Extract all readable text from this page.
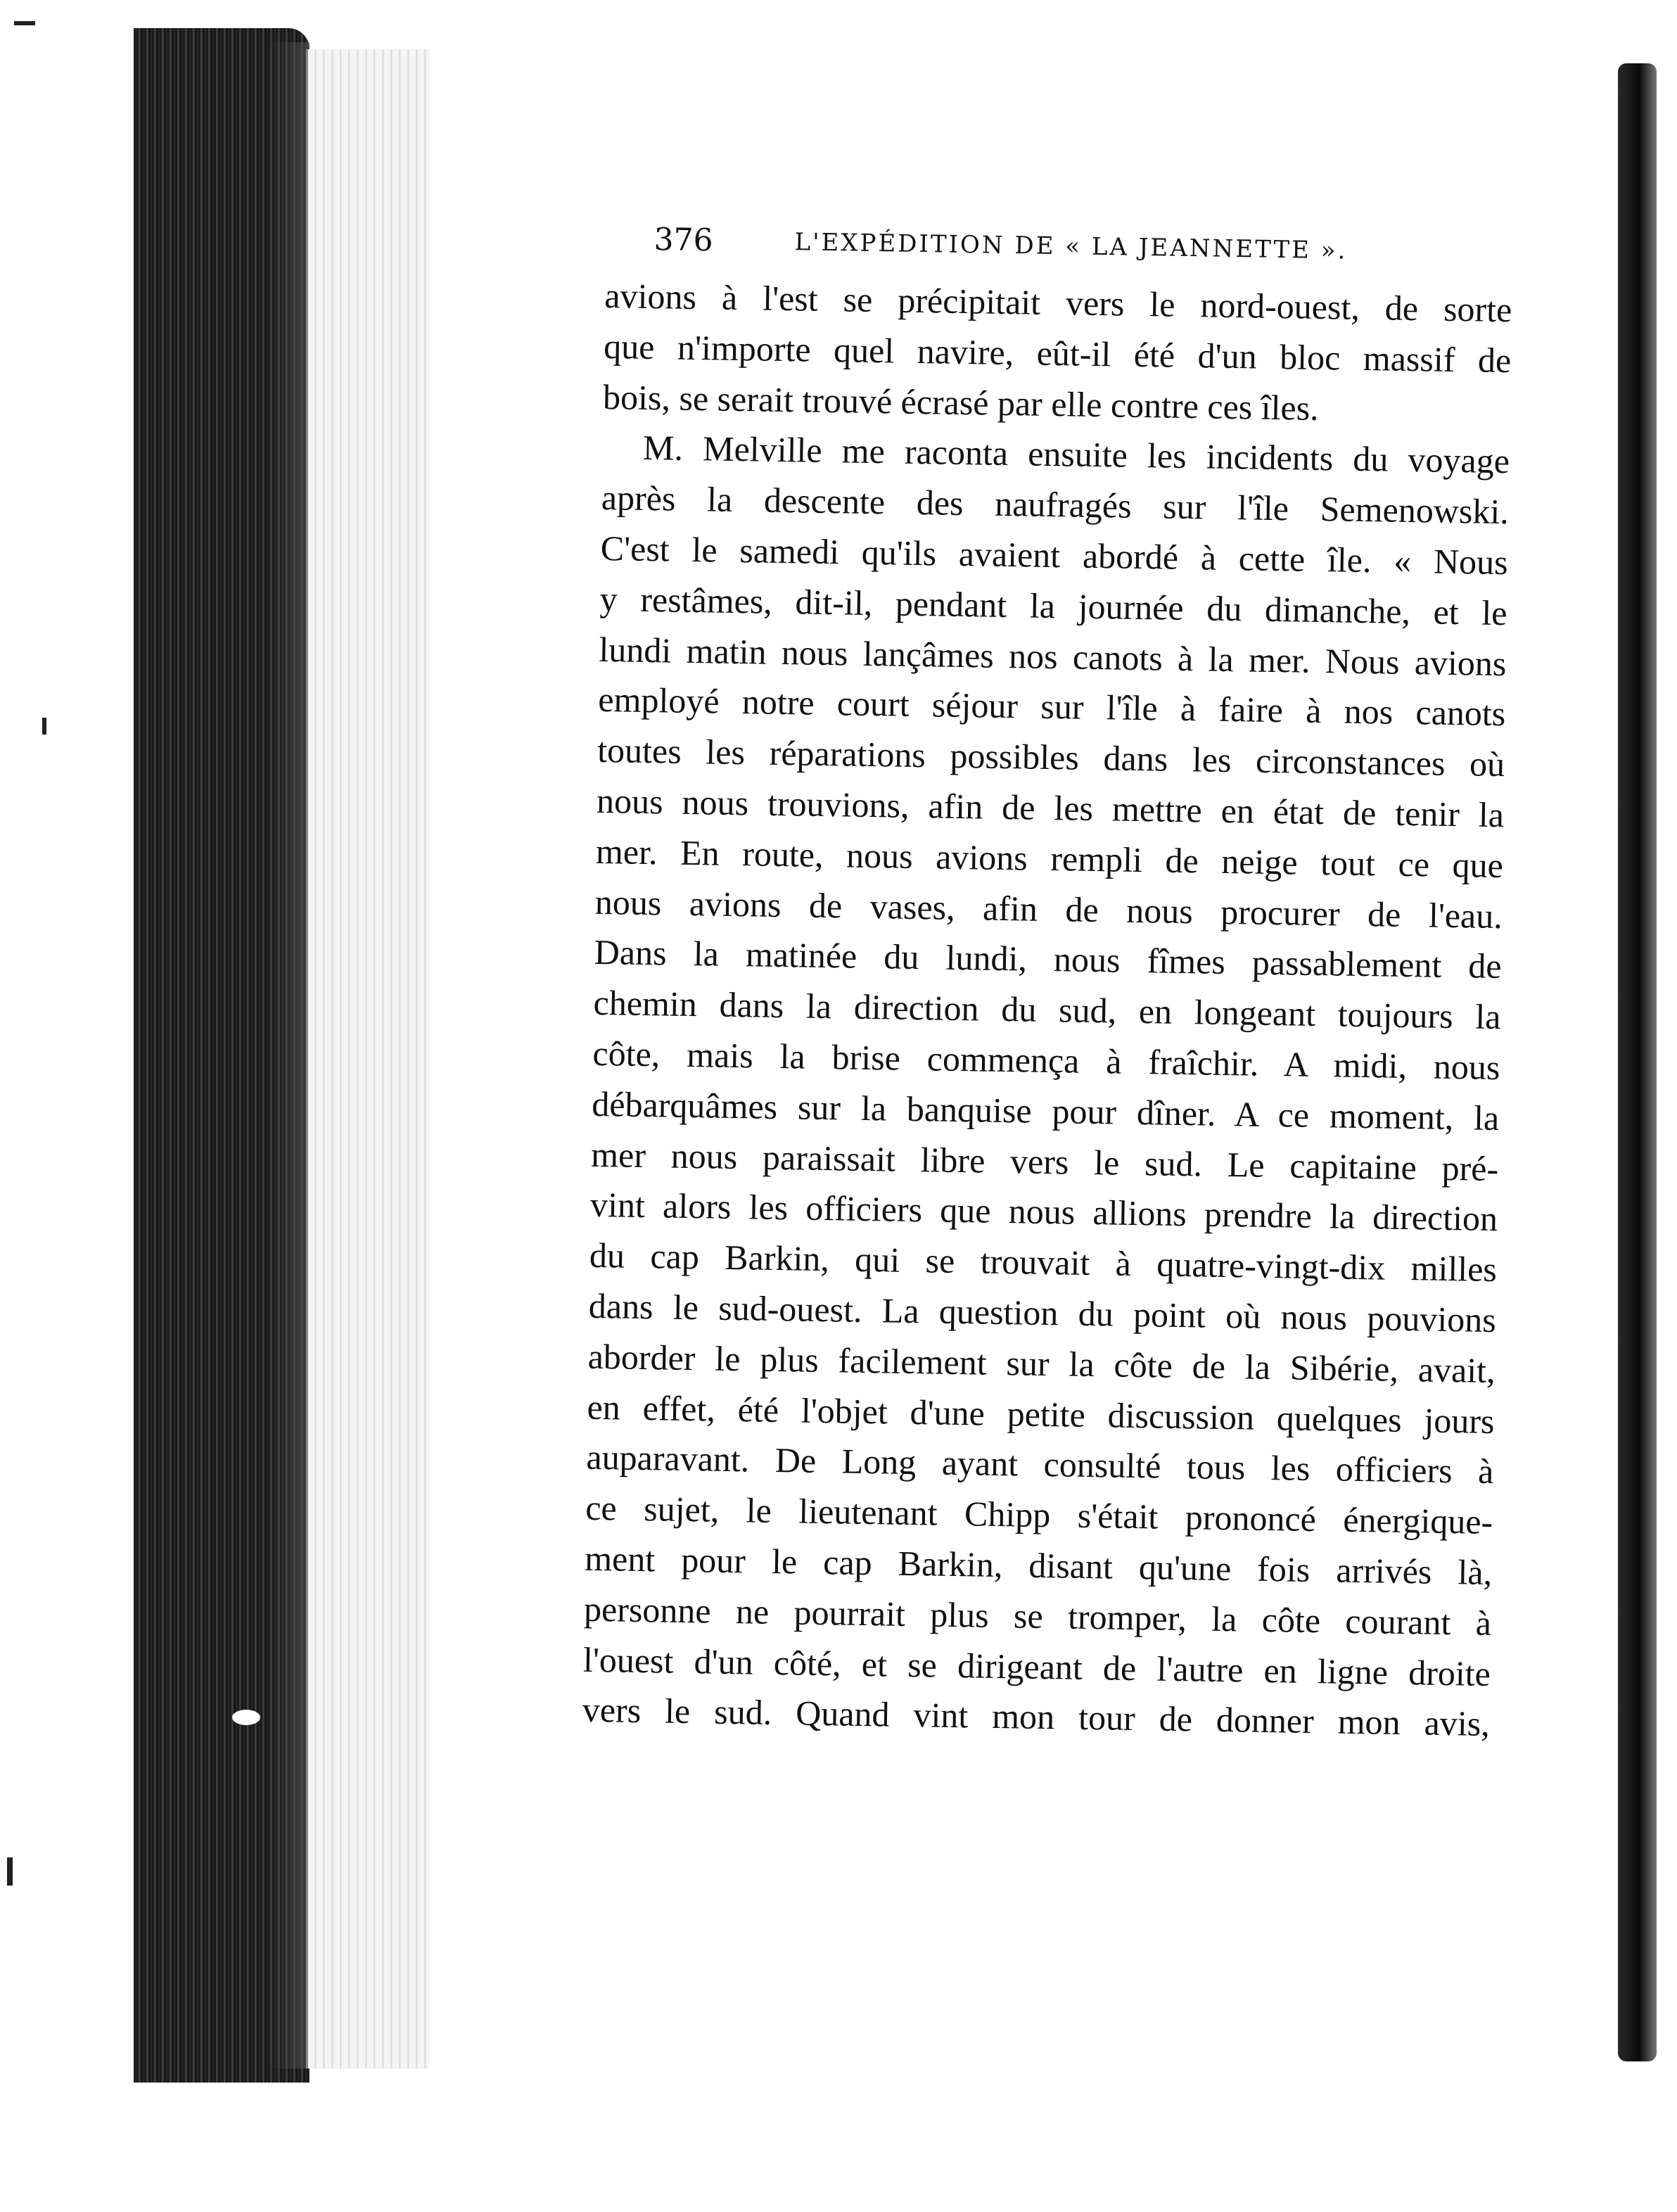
376	L'EXPÉDITION DE « LA JEANNETTE ».
avions à l'est se précipitait vers le nord-ouest, de sorte
que n'importe quel navire, eût-il été d'un bloc massif de
bois, se serait trouvé écrasé par elle contre ces îles.
M. Melville me raconta ensuite les incidents du voyage
après la descente des naufragés sur l'île Semenowski.
C'est le samedi qu'ils avaient abordé à cette île. « Nous
y restâmes, dit-il, pendant la journée du dimanche, et le
lundi matin nous lançâmes nos canots à la mer. Nous avions
employé notre court séjour sur l'île à faire à nos canots
toutes les réparations possibles dans les circonstances où
nous nous trouvions, afin de les mettre en état de tenir la
mer. En route, nous avions rempli de neige tout ce que
nous avions de vases, afin de nous procurer de l'eau.
Dans la matinée du lundi, nous fîmes passablement de
chemin dans la direction du sud, en longeant toujours la
côte, mais la brise commença à fraîchir. A midi, nous
débarquâmes sur la banquise pour dîner. A ce moment, la
mer nous paraissait libre vers le sud. Le capitaine pré-
vint alors les officiers que nous allions prendre la direction
du cap Barkin, qui se trouvait à quatre-vingt-dix milles
dans le sud-ouest. La question du point où nous pouvions
aborder le plus facilement sur la côte de la Sibérie, avait,
en effet, été l'objet d'une petite discussion quelques jours
auparavant. De Long ayant consulté tous les officiers à
ce sujet, le lieutenant Chipp s'était prononcé énergique-
ment pour le cap Barkin, disant qu'une fois arrivés là,
personne ne pourrait plus se tromper, la côte courant à
l'ouest d'un côté, et se dirigeant de l'autre en ligne droite
vers le sud. Quand vint mon tour de donner mon avis,
